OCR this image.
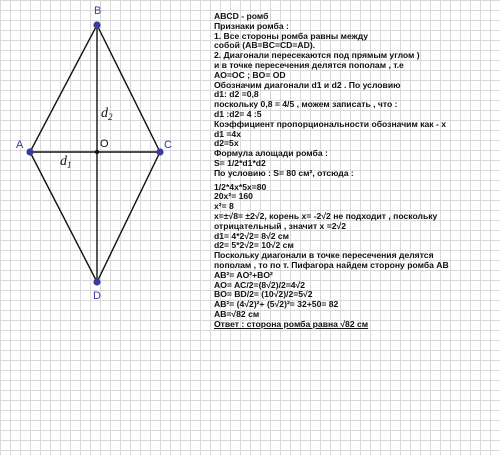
B
C
D
A	O
$d_2$
$d_1$
ABCD - ромб
Признаки ромба :
1. Все стороны ромба равны между
собой (AB=BC=CD=AD).
2. Диагонали пересекаются под прямым углом )
и в точке пересечения делятся пополам , т.е
AO=OC ; BO= OD
Обозначим диагонали d1 и d2 . По условию
d1: d2 =0,8
поскольку 0,8 = 4/5 , можем записать , что :
d1 :d2= 4 :5
Коэффициент пропорциональности обозначим как - x
d1 =4x
d2=5x
Формула алощади ромба :
S= 1/2*d1*d2
По условию : S= 80 см², отсюда :
1/2*4x*5x=80
20x²= 160
x²= 8
x=±√8= ±2√2, корень x= -2√2 не подходит , поскольку
отрицательный , значит x =2√2
d1= 4*2√2= 8√2 см
d2= 5*2√2= 10√2 см
Поскольку диагонали в точке пересечения делятся
пополам , то по т. Пифагора найдем сторону ромба AB
AB²= AO²+BO²
AO= AC/2=(8√2)/2=4√2
BO= BD/2= (10√2)/2=5√2
AB²= (4√2)²+ (5√2)²= 32+50= 82
AB=√82 см
Ответ : сторона ромба равна √82 см
